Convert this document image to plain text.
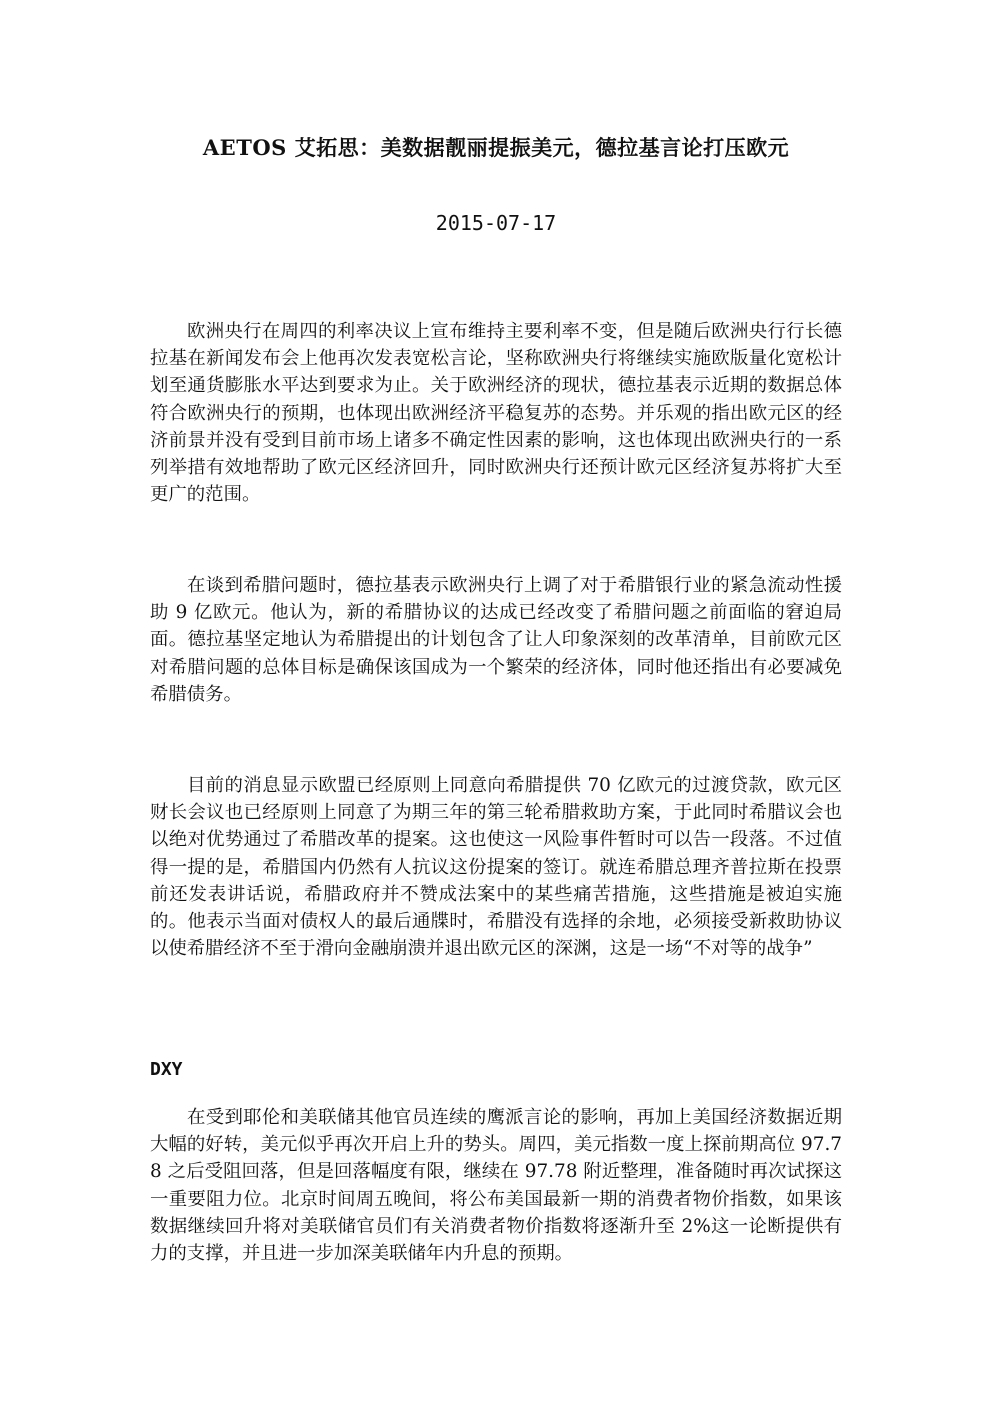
AETOS 艾拓思：美数据靓丽提振美元，德拉基言论打压欧元
2015-07-17

欧洲央行在周四的利率决议上宣布维持主要利率不变，但是随后欧洲央行行长德拉基在新闻发布会上他再次发表宽松言论，坚称欧洲央行将继续实施欧版量化宽松计划至通货膨胀水平达到要求为止。关于欧洲经济的现状，德拉基表示近期的数据总体符合欧洲央行的预期，也体现出欧洲经济平稳复苏的态势。并乐观的指出欧元区的经济前景并没有受到目前市场上诸多不确定性因素的影响，这也体现出欧洲央行的一系列举措有效地帮助了欧元区经济回升，同时欧洲央行还预计欧元区经济复苏将扩大至更广的范围。

在谈到希腊问题时，德拉基表示欧洲央行上调了对于希腊银行业的紧急流动性援助 9 亿欧元。他认为，新的希腊协议的达成已经改变了希腊问题之前面临的窘迫局面。德拉基坚定地认为希腊提出的计划包含了让人印象深刻的改革清单，目前欧元区对希腊问题的总体目标是确保该国成为一个繁荣的经济体，同时他还指出有必要减免希腊债务。

目前的消息显示欧盟已经原则上同意向希腊提供 70 亿欧元的过渡贷款，欧元区财长会议也已经原则上同意了为期三年的第三轮希腊救助方案，于此同时希腊议会也以绝对优势通过了希腊改革的提案。这也使这一风险事件暂时可以告一段落。不过值得一提的是，希腊国内仍然有人抗议这份提案的签订。就连希腊总理齐普拉斯在投票前还发表讲话说，希腊政府并不赞成法案中的某些痛苦措施，这些措施是被迫实施的。他表示当面对债权人的最后通牒时，希腊没有选择的余地，必须接受新救助协议以使希腊经济不至于滑向金融崩溃并退出欧元区的深渊，这是一场“不对等的战争”

DXY

在受到耶伦和美联储其他官员连续的鹰派言论的影响，再加上美国经济数据近期大幅的好转，美元似乎再次开启上升的势头。周四，美元指数一度上探前期高位 97.78 之后受阻回落，但是回落幅度有限，继续在 97.78 附近整理，准备随时再次试探这一重要阻力位。北京时间周五晚间，将公布美国最新一期的消费者物价指数，如果该数据继续回升将对美联储官员们有关消费者物价指数将逐渐升至 2%这一论断提供有力的支撑，并且进一步加深美联储年内升息的预期。
